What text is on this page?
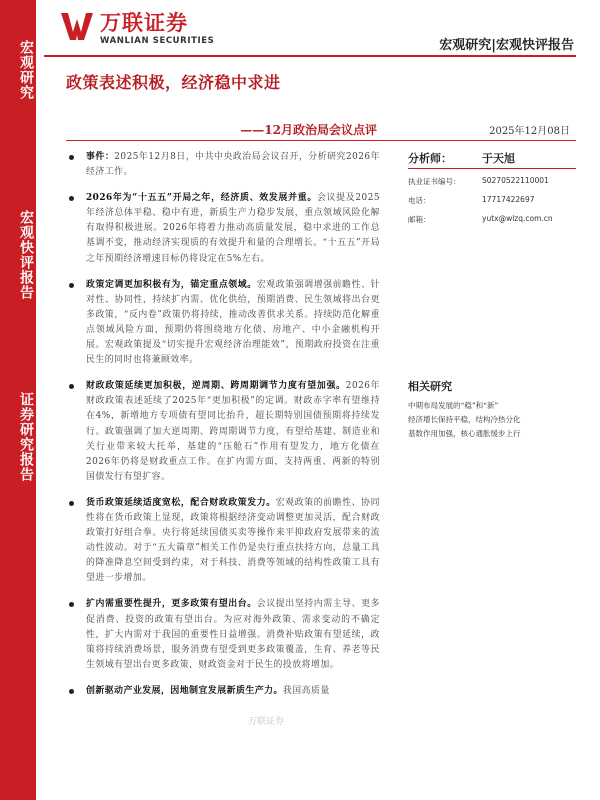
宏观研究
宏观快评报告
证券研究报告
万联证券
WANLIAN SECURITIES	宏观研究|宏观快评报告
政策表述积极，经济稳中求进
——12月政治局会议点评	2025年12月08日
事件：2025年12月8日，中共中央政治局会议召开，分析研究2026年经济工作。
2026年为“十五五”开局之年，经济质、效发展并重。会议提及2025年经济总体平稳、稳中有进，新质生产力稳步发展，重点领域风险化解有取得积极进展。2026年将着力推动高质量发展，稳中求进的工作总基调不变，推动经济实现质的有效提升和量的合理增长。“十五五”开局之年预期经济增速目标仍将设定在5%左右。
政策定调更加积极有为，锚定重点领域。宏观政策强调增强前瞻性、针对性、协同性，持续扩内需、优化供给，预期消费、民生领域将出台更多政策，“反内卷”政策仍将持续，推动改善供求关系。持续防范化解重点领域风险方面，预期仍将围绕地方化债、房地产、中小金融机构开展。宏观政策提及“切实提升宏观经济治理能效”，预期政府投资在注重民生的同时也将兼顾效率。
财政政策延续更加积极，逆周期、跨周期调节力度有望加强。2026年财政政策表述延续了2025年“更加积极”的定调。财政赤字率有望维持在4%，新增地方专项债有望同比抬升，超长期特别国债预期将持续发行。政策强调了加大逆周期、跨周期调节力度，有望给基建、制造业和关行业带来较大托举，基建的“压舱石”作用有望发力，地方化债在2026年仍将是财政重点工作。在扩内需方面，支持两重、两新的特别国债发行有望扩容。
货币政策延续适度宽松，配合财政政策发力。宏观政策的前瞻性、协同性将在货币政策上显现，政策将根据经济变动调整更加灵活，配合财政政策打好组合拳。央行将延续国债买卖等操作来平抑政府发展带来的流动性波动。对于“五大篇章”相关工作仍是央行重点扶持方向，总量工具的降准降息空间受到约束，对于科技、消费等领域的结构性政策工具有望进一步增加。
扩内需重要性提升，更多政策有望出台。会议提出坚持内需主导、更多促消费、投资的政策有望出台。为应对海外政策、需求变动的不确定性，扩大内需对于我国的重要性日益增强。消费补贴政策有望延续，政策将持续消费场景，服务消费有望受到更多政策覆盖，生育、养老等民生领域有望出台更多政策，财政资金对于民生的投放将增加。
创新驱动产业发展，因地制宜发展新质生产力。我国高质量
分析师：	于天旭
执业证书编号：	S0270522110001
电话：	17717422697
邮箱：	yutx@wlzq.com.cn
相关研究
中期布局发展的“稳”和“新”
经济增长保持平稳，结构冷热分化
基数作用加强，核心通胀缓步上行
万联证券
